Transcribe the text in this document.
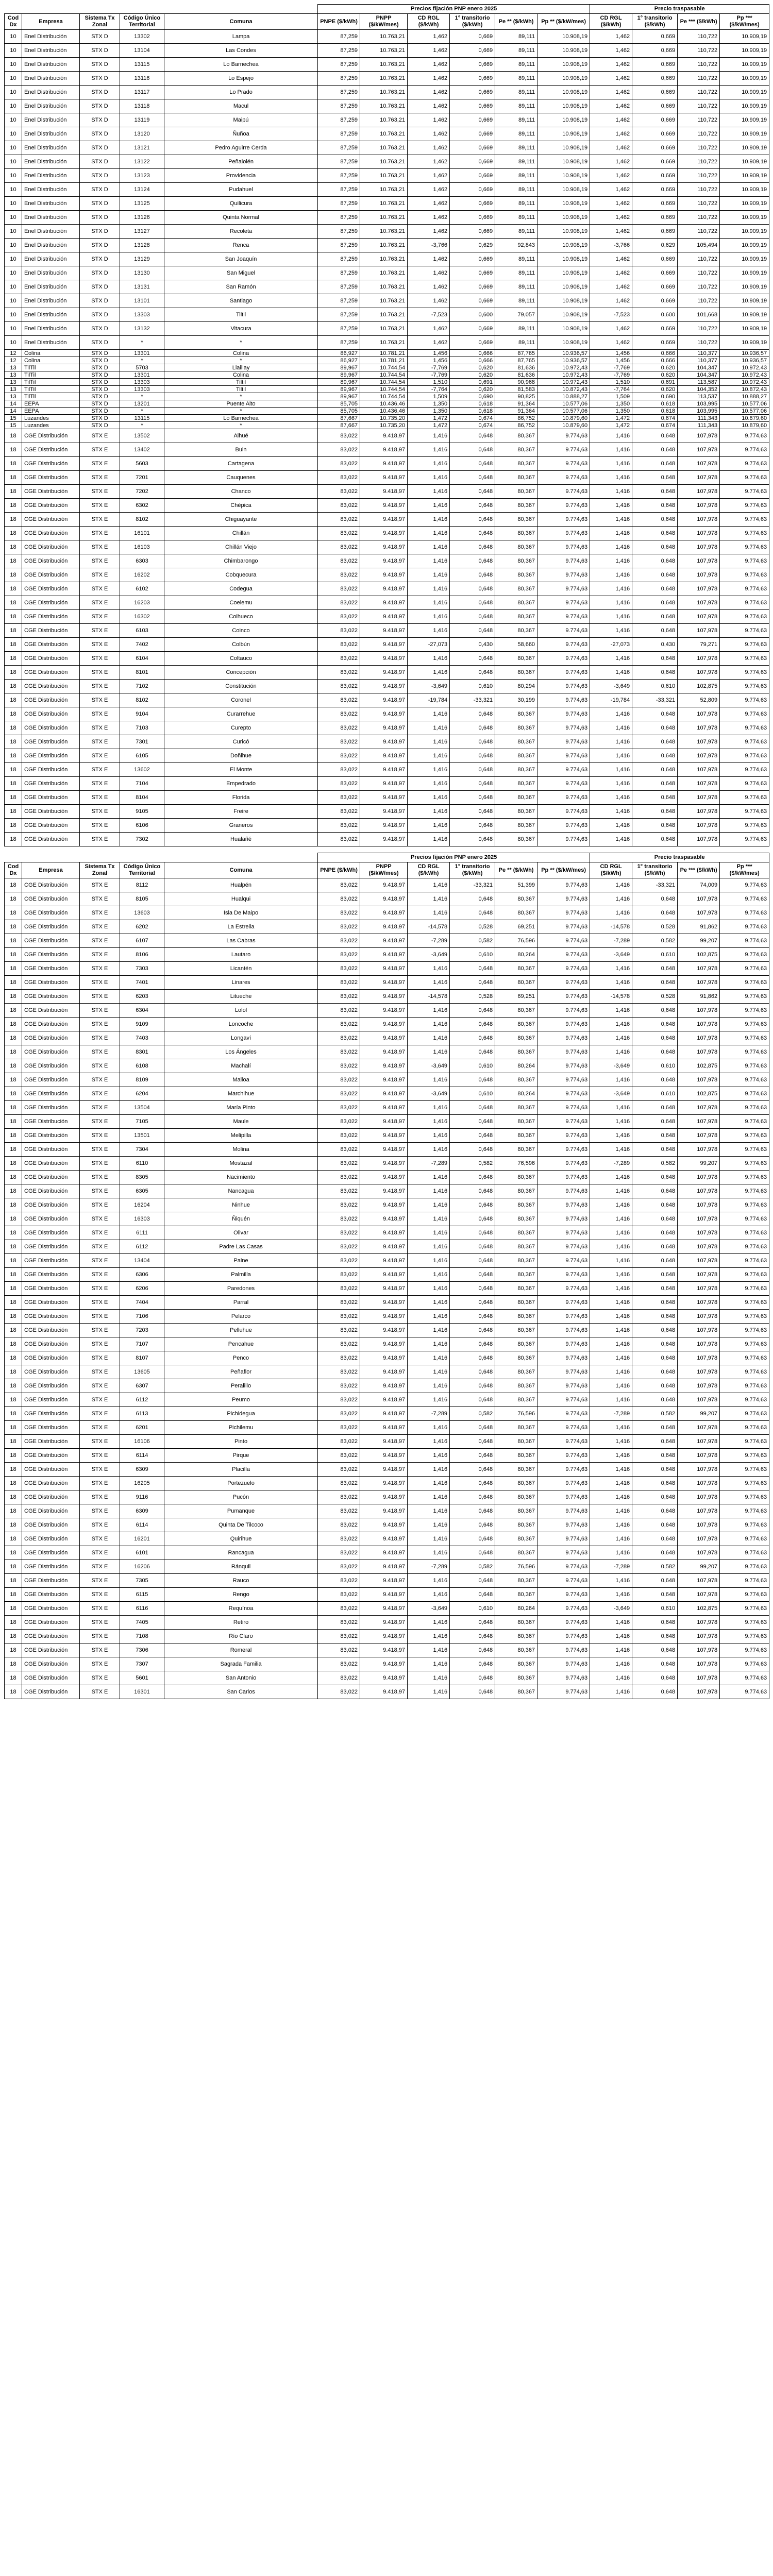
					Precios fijación PNP enero 2025						Precio traspasable			
Cod Dx	Empresa	Sistema Tx Zonal	Código Único Territorial	Comuna	PNPE ($/kWh)	PNPP ($/kW/mes)	CD RGL ($/kWh)	1° transitorio ($/kWh)	Pe ** ($/kWh)	Pp ** ($/kW/mes)	CD RGL ($/kWh)	1° transitorio ($/kWh)	Pe *** ($/kWh)	Pp *** ($/kW/mes)
10	Enel Distribución	STX D	13302	Lampa	87,259	10.763,21	1,462	0,669	89,111	10.908,19	1,462	0,669	110,722	10.909,19
10	Enel Distribución	STX D	13104	Las Condes	87,259	10.763,21	1,462	0,669	89,111	10.908,19	1,462	0,669	110,722	10.909,19
10	Enel Distribución	STX D	13115	Lo Barnechea	87,259	10.763,21	1,462	0,669	89,111	10.908,19	1,462	0,669	110,722	10.909,19
10	Enel Distribución	STX D	13116	Lo Espejo	87,259	10.763,21	1,462	0,669	89,111	10.908,19	1,462	0,669	110,722	10.909,19
10	Enel Distribución	STX D	13117	Lo Prado	87,259	10.763,21	1,462	0,669	89,111	10.908,19	1,462	0,669	110,722	10.909,19
10	Enel Distribución	STX D	13118	Macul	87,259	10.763,21	1,462	0,669	89,111	10.908,19	1,462	0,669	110,722	10.909,19
10	Enel Distribución	STX D	13119	Maipú	87,259	10.763,21	1,462	0,669	89,111	10.908,19	1,462	0,669	110,722	10.909,19
10	Enel Distribución	STX D	13120	Ñuñoa	87,259	10.763,21	1,462	0,669	89,111	10.908,19	1,462	0,669	110,722	10.909,19
10	Enel Distribución	STX D	13121	Pedro Aguirre Cerda	87,259	10.763,21	1,462	0,669	89,111	10.908,19	1,462	0,669	110,722	10.909,19
10	Enel Distribución	STX D	13122	Peñalolén	87,259	10.763,21	1,462	0,669	89,111	10.908,19	1,462	0,669	110,722	10.909,19
10	Enel Distribución	STX D	13123	Providencia	87,259	10.763,21	1,462	0,669	89,111	10.908,19	1,462	0,669	110,722	10.909,19
10	Enel Distribución	STX D	13124	Pudahuel	87,259	10.763,21	1,462	0,669	89,111	10.908,19	1,462	0,669	110,722	10.909,19
10	Enel Distribución	STX D	13125	Quilicura	87,259	10.763,21	1,462	0,669	89,111	10.908,19	1,462	0,669	110,722	10.909,19
10	Enel Distribución	STX D	13126	Quinta Normal	87,259	10.763,21	1,462	0,669	89,111	10.908,19	1,462	0,669	110,722	10.909,19
10	Enel Distribución	STX D	13127	Recoleta	87,259	10.763,21	1,462	0,669	89,111	10.908,19	1,462	0,669	110,722	10.909,19
10	Enel Distribución	STX D	13128	Renca	87,259	10.763,21	-3,766	0,629	92,843	10.908,19	-3,766	0,629	105,494	10.909,19
10	Enel Distribución	STX D	13129	San Joaquín	87,259	10.763,21	1,462	0,669	89,111	10.908,19	1,462	0,669	110,722	10.909,19
10	Enel Distribución	STX D	13130	San Miguel	87,259	10.763,21	1,462	0,669	89,111	10.908,19	1,462	0,669	110,722	10.909,19
10	Enel Distribución	STX D	13131	San Ramón	87,259	10.763,21	1,462	0,669	89,111	10.908,19	1,462	0,669	110,722	10.909,19
10	Enel Distribución	STX D	13101	Santiago	87,259	10.763,21	1,462	0,669	89,111	10.908,19	1,462	0,669	110,722	10.909,19
10	Enel Distribución	STX D	13303	Tiltil	87,259	10.763,21	-7,523	0,600	79,057	10.908,19	-7,523	0,600	101,668	10.909,19
10	Enel Distribución	STX D	13132	Vitacura	87,259	10.763,21	1,462	0,669	89,111	10.908,19	1,462	0,669	110,722	10.909,19
10	Enel Distribución	STX D	*	*	87,259	10.763,21	1,462	0,669	89,111	10.908,19	1,462	0,669	110,722	10.909,19
12	Colina	STX D	13301	Colina	86,927	10.781,21	1,456	0,666	87,765	10.936,57	1,456	0,666	110,377	10.936,57
12	Colina	STX D	*	*	86,927	10.781,21	1,456	0,666	87,765	10.936,57	1,456	0,666	110,377	10.936,57
13	TilTil	STX D	5703	Llaillay	89,967	10.744,54	-7,769	0,620	81,636	10.972,43	-7,769	0,620	104,347	10.972,43
13	TilTil	STX D	13301	Colina	89,967	10.744,54	-7,769	0,620	81,636	10.972,43	-7,769	0,620	104,347	10.972,43
13	TilTil	STX D	13303	Tiltil	89,967	10.744,54	1,510	0,691	90,968	10.972,43	1,510	0,691	113,587	10.972,43
13	TilTil	STX D	13303	Tiltil	89,967	10.744,54	-7,764	0,620	81,583	10.872,43	-7,764	0,620	104,352	10.872,43
13	TilTil	STX D	*	*	89,967	10.744,54	1,509	0,690	90,825	10.888,27	1,509	0,690	113,537	10.888,27
14	EEPA	STX D	13201	Puente Alto	85,705	10.436,46	1,350	0,618	91,364	10.577,06	1,350	0,618	103,995	10.577,06
14	EEPA	STX D	*	*	85,705	10.436,46	1,350	0,618	91,364	10.577,06	1,350	0,618	103,995	10.577,06
15	Luzandes	STX D	13115	Lo Barnechea	87,667	10.735,20	1,472	0,674	86,752	10.879,60	1,472	0,674	111,343	10.879,60
15	Luzandes	STX D	*	*	87,667	10.735,20	1,472	0,674	86,752	10.879,60	1,472	0,674	111,343	10.879,60
18	CGE Distribución	STX E	13502	Alhué	83,022	9.418,97	1,416	0,648	80,367	9.774,63	1,416	0,648	107,978	9.774,63
18	CGE Distribución	STX E	13402	Buin	83,022	9.418,97	1,416	0,648	80,367	9.774,63	1,416	0,648	107,978	9.774,63
18	CGE Distribución	STX E	5603	Cartagena	83,022	9.418,97	1,416	0,648	80,367	9.774,63	1,416	0,648	107,978	9.774,63
18	CGE Distribución	STX E	7201	Cauquenes	83,022	9.418,97	1,416	0,648	80,367	9.774,63	1,416	0,648	107,978	9.774,63
18	CGE Distribución	STX E	7202	Chanco	83,022	9.418,97	1,416	0,648	80,367	9.774,63	1,416	0,648	107,978	9.774,63
18	CGE Distribución	STX E	6302	Chépica	83,022	9.418,97	1,416	0,648	80,367	9.774,63	1,416	0,648	107,978	9.774,63
18	CGE Distribución	STX E	8102	Chiguayante	83,022	9.418,97	1,416	0,648	80,367	9.774,63	1,416	0,648	107,978	9.774,63
18	CGE Distribución	STX E	16101	Chillán	83,022	9.418,97	1,416	0,648	80,367	9.774,63	1,416	0,648	107,978	9.774,63
18	CGE Distribución	STX E	16103	Chillán Viejo	83,022	9.418,97	1,416	0,648	80,367	9.774,63	1,416	0,648	107,978	9.774,63
18	CGE Distribución	STX E	6303	Chimbarongo	83,022	9.418,97	1,416	0,648	80,367	9.774,63	1,416	0,648	107,978	9.774,63
18	CGE Distribución	STX E	16202	Cobquecura	83,022	9.418,97	1,416	0,648	80,367	9.774,63	1,416	0,648	107,978	9.774,63
18	CGE Distribución	STX E	6102	Codegua	83,022	9.418,97	1,416	0,648	80,367	9.774,63	1,416	0,648	107,978	9.774,63
18	CGE Distribución	STX E	16203	Coelemu	83,022	9.418,97	1,416	0,648	80,367	9.774,63	1,416	0,648	107,978	9.774,63
18	CGE Distribución	STX E	16302	Coihueco	83,022	9.418,97	1,416	0,648	80,367	9.774,63	1,416	0,648	107,978	9.774,63
18	CGE Distribución	STX E	6103	Coinco	83,022	9.418,97	1,416	0,648	80,367	9.774,63	1,416	0,648	107,978	9.774,63
18	CGE Distribución	STX E	7402	Colbún	83,022	9.418,97	-27,073	0,430	58,660	9.774,63	-27,073	0,430	79,271	9.774,63
18	CGE Distribución	STX E	6104	Coltauco	83,022	9.418,97	1,416	0,648	80,367	9.774,63	1,416	0,648	107,978	9.774,63
18	CGE Distribución	STX E	8101	Concepción	83,022	9.418,97	1,416	0,648	80,367	9.774,63	1,416	0,648	107,978	9.774,63
18	CGE Distribución	STX E	7102	Constitución	83,022	9.418,97	-3,649	0,610	80,294	9.774,63	-3,649	0,610	102,875	9.774,63
18	CGE Distribución	STX E	8102	Coronel	83,022	9.418,97	-19,784	-33,321	30,199	9.774,63	-19,784	-33,321	52,809	9.774,63
18	CGE Distribución	STX E	9104	Curarrehue	83,022	9.418,97	1,416	0,648	80,367	9.774,63	1,416	0,648	107,978	9.774,63
18	CGE Distribución	STX E	7103	Curepto	83,022	9.418,97	1,416	0,648	80,367	9.774,63	1,416	0,648	107,978	9.774,63
18	CGE Distribución	STX E	7301	Curicó	83,022	9.418,97	1,416	0,648	80,367	9.774,63	1,416	0,648	107,978	9.774,63
18	CGE Distribución	STX E	6105	Doñihue	83,022	9.418,97	1,416	0,648	80,367	9.774,63	1,416	0,648	107,978	9.774,63
18	CGE Distribución	STX E	13602	El Monte	83,022	9.418,97	1,416	0,648	80,367	9.774,63	1,416	0,648	107,978	9.774,63
18	CGE Distribución	STX E	7104	Empedrado	83,022	9.418,97	1,416	0,648	80,367	9.774,63	1,416	0,648	107,978	9.774,63
18	CGE Distribución	STX E	8104	Florida	83,022	9.418,97	1,416	0,648	80,367	9.774,63	1,416	0,648	107,978	9.774,63
18	CGE Distribución	STX E	9105	Freire	83,022	9.418,97	1,416	0,648	80,367	9.774,63	1,416	0,648	107,978	9.774,63
18	CGE Distribución	STX E	6106	Graneros	83,022	9.418,97	1,416	0,648	80,367	9.774,63	1,416	0,648	107,978	9.774,63
18	CGE Distribución	STX E	7302	Hualañé	83,022	9.418,97	1,416	0,648	80,367	9.774,63	1,416	0,648	107,978	9.774,63
					Precios fijación PNP enero 2025						Precio traspasable			
Cod Dx	Empresa	Sistema Tx Zonal	Código Único Territorial	Comuna	PNPE ($/kWh)	PNPP ($/kW/mes)	CD RGL ($/kWh)	1° transitorio ($/kWh)	Pe ** ($/kWh)	Pp ** ($/kW/mes)	CD RGL ($/kWh)	1° transitorio ($/kWh)	Pe *** ($/kWh)	Pp *** ($/kW/mes)
18	CGE Distribución	STX E	8112	Hualpén	83,022	9.418,97	1,416	-33,321	51,399	9.774,63	1,416	-33,321	74,009	9.774,63
18	CGE Distribución	STX E	8105	Hualqui	83,022	9.418,97	1,416	0,648	80,367	9.774,63	1,416	0,648	107,978	9.774,63
18	CGE Distribución	STX E	13603	Isla De Maipo	83,022	9.418,97	1,416	0,648	80,367	9.774,63	1,416	0,648	107,978	9.774,63
18	CGE Distribución	STX E	6202	La Estrella	83,022	9.418,97	-14,578	0,528	69,251	9.774,63	-14,578	0,528	91,862	9.774,63
18	CGE Distribución	STX E	6107	Las Cabras	83,022	9.418,97	-7,289	0,582	76,596	9.774,63	-7,289	0,582	99,207	9.774,63
18	CGE Distribución	STX E	8106	Lautaro	83,022	9.418,97	-3,649	0,610	80,264	9.774,63	-3,649	0,610	102,875	9.774,63
18	CGE Distribución	STX E	7303	Licantén	83,022	9.418,97	1,416	0,648	80,367	9.774,63	1,416	0,648	107,978	9.774,63
18	CGE Distribución	STX E	7401	Linares	83,022	9.418,97	1,416	0,648	80,367	9.774,63	1,416	0,648	107,978	9.774,63
18	CGE Distribución	STX E	6203	Litueche	83,022	9.418,97	-14,578	0,528	69,251	9.774,63	-14,578	0,528	91,862	9.774,63
18	CGE Distribución	STX E	6304	Lolol	83,022	9.418,97	1,416	0,648	80,367	9.774,63	1,416	0,648	107,978	9.774,63
18	CGE Distribución	STX E	9109	Loncoche	83,022	9.418,97	1,416	0,648	80,367	9.774,63	1,416	0,648	107,978	9.774,63
18	CGE Distribución	STX E	7403	Longaví	83,022	9.418,97	1,416	0,648	80,367	9.774,63	1,416	0,648	107,978	9.774,63
18	CGE Distribución	STX E	8301	Los Ángeles	83,022	9.418,97	1,416	0,648	80,367	9.774,63	1,416	0,648	107,978	9.774,63
18	CGE Distribución	STX E	6108	Machalí	83,022	9.418,97	-3,649	0,610	80,264	9.774,63	-3,649	0,610	102,875	9.774,63
18	CGE Distribución	STX E	8109	Malloa	83,022	9.418,97	1,416	0,648	80,367	9.774,63	1,416	0,648	107,978	9.774,63
18	CGE Distribución	STX E	6204	Marchihue	83,022	9.418,97	-3,649	0,610	80,264	9.774,63	-3,649	0,610	102,875	9.774,63
18	CGE Distribución	STX E	13504	María Pinto	83,022	9.418,97	1,416	0,648	80,367	9.774,63	1,416	0,648	107,978	9.774,63
18	CGE Distribución	STX E	7105	Maule	83,022	9.418,97	1,416	0,648	80,367	9.774,63	1,416	0,648	107,978	9.774,63
18	CGE Distribución	STX E	13501	Melipilla	83,022	9.418,97	1,416	0,648	80,367	9.774,63	1,416	0,648	107,978	9.774,63
18	CGE Distribución	STX E	7304	Molina	83,022	9.418,97	1,416	0,648	80,367	9.774,63	1,416	0,648	107,978	9.774,63
18	CGE Distribución	STX E	6110	Mostazal	83,022	9.418,97	-7,289	0,582	76,596	9.774,63	-7,289	0,582	99,207	9.774,63
18	CGE Distribución	STX E	8305	Nacimiento	83,022	9.418,97	1,416	0,648	80,367	9.774,63	1,416	0,648	107,978	9.774,63
18	CGE Distribución	STX E	6305	Nancagua	83,022	9.418,97	1,416	0,648	80,367	9.774,63	1,416	0,648	107,978	9.774,63
18	CGE Distribución	STX E	16204	Ninhue	83,022	9.418,97	1,416	0,648	80,367	9.774,63	1,416	0,648	107,978	9.774,63
18	CGE Distribución	STX E	16303	Ñiquén	83,022	9.418,97	1,416	0,648	80,367	9.774,63	1,416	0,648	107,978	9.774,63
18	CGE Distribución	STX E	6111	Olivar	83,022	9.418,97	1,416	0,648	80,367	9.774,63	1,416	0,648	107,978	9.774,63
18	CGE Distribución	STX E	6112	Padre Las Casas	83,022	9.418,97	1,416	0,648	80,367	9.774,63	1,416	0,648	107,978	9.774,63
18	CGE Distribución	STX E	13404	Paine	83,022	9.418,97	1,416	0,648	80,367	9.774,63	1,416	0,648	107,978	9.774,63
18	CGE Distribución	STX E	6306	Palmilla	83,022	9.418,97	1,416	0,648	80,367	9.774,63	1,416	0,648	107,978	9.774,63
18	CGE Distribución	STX E	6206	Paredones	83,022	9.418,97	1,416	0,648	80,367	9.774,63	1,416	0,648	107,978	9.774,63
18	CGE Distribución	STX E	7404	Parral	83,022	9.418,97	1,416	0,648	80,367	9.774,63	1,416	0,648	107,978	9.774,63
18	CGE Distribución	STX E	7106	Pelarco	83,022	9.418,97	1,416	0,648	80,367	9.774,63	1,416	0,648	107,978	9.774,63
18	CGE Distribución	STX E	7203	Pelluhue	83,022	9.418,97	1,416	0,648	80,367	9.774,63	1,416	0,648	107,978	9.774,63
18	CGE Distribución	STX E	7107	Pencahue	83,022	9.418,97	1,416	0,648	80,367	9.774,63	1,416	0,648	107,978	9.774,63
18	CGE Distribución	STX E	8107	Penco	83,022	9.418,97	1,416	0,648	80,367	9.774,63	1,416	0,648	107,978	9.774,63
18	CGE Distribución	STX E	13605	Peñaflor	83,022	9.418,97	1,416	0,648	80,367	9.774,63	1,416	0,648	107,978	9.774,63
18	CGE Distribución	STX E	6307	Peralillo	83,022	9.418,97	1,416	0,648	80,367	9.774,63	1,416	0,648	107,978	9.774,63
18	CGE Distribución	STX E	6112	Peumo	83,022	9.418,97	1,416	0,648	80,367	9.774,63	1,416	0,648	107,978	9.774,63
18	CGE Distribución	STX E	6113	Pichidegua	83,022	9.418,97	-7,289	0,582	76,596	9.774,63	-7,289	0,582	99,207	9.774,63
18	CGE Distribución	STX E	6201	Pichilemu	83,022	9.418,97	1,416	0,648	80,367	9.774,63	1,416	0,648	107,978	9.774,63
18	CGE Distribución	STX E	16106	Pinto	83,022	9.418,97	1,416	0,648	80,367	9.774,63	1,416	0,648	107,978	9.774,63
18	CGE Distribución	STX E	6114	Pirque	83,022	9.418,97	1,416	0,648	80,367	9.774,63	1,416	0,648	107,978	9.774,63
18	CGE Distribución	STX E	6309	Placilla	83,022	9.418,97	1,416	0,648	80,367	9.774,63	1,416	0,648	107,978	9.774,63
18	CGE Distribución	STX E	16205	Portezuelo	83,022	9.418,97	1,416	0,648	80,367	9.774,63	1,416	0,648	107,978	9.774,63
18	CGE Distribución	STX E	9116	Pucón	83,022	9.418,97	1,416	0,648	80,367	9.774,63	1,416	0,648	107,978	9.774,63
18	CGE Distribución	STX E	6309	Pumanque	83,022	9.418,97	1,416	0,648	80,367	9.774,63	1,416	0,648	107,978	9.774,63
18	CGE Distribución	STX E	6114	Quinta De Tilcoco	83,022	9.418,97	1,416	0,648	80,367	9.774,63	1,416	0,648	107,978	9.774,63
18	CGE Distribución	STX E	16201	Quirihue	83,022	9.418,97	1,416	0,648	80,367	9.774,63	1,416	0,648	107,978	9.774,63
18	CGE Distribución	STX E	6101	Rancagua	83,022	9.418,97	1,416	0,648	80,367	9.774,63	1,416	0,648	107,978	9.774,63
18	CGE Distribución	STX E	16206	Ránquil	83,022	9.418,97	-7,289	0,582	76,596	9.774,63	-7,289	0,582	99,207	9.774,63
18	CGE Distribución	STX E	7305	Rauco	83,022	9.418,97	1,416	0,648	80,367	9.774,63	1,416	0,648	107,978	9.774,63
18	CGE Distribución	STX E	6115	Rengo	83,022	9.418,97	1,416	0,648	80,367	9.774,63	1,416	0,648	107,978	9.774,63
18	CGE Distribución	STX E	6116	Requínoa	83,022	9.418,97	-3,649	0,610	80,264	9.774,63	-3,649	0,610	102,875	9.774,63
18	CGE Distribución	STX E	7405	Retiro	83,022	9.418,97	1,416	0,648	80,367	9.774,63	1,416	0,648	107,978	9.774,63
18	CGE Distribución	STX E	7108	Río Claro	83,022	9.418,97	1,416	0,648	80,367	9.774,63	1,416	0,648	107,978	9.774,63
18	CGE Distribución	STX E	7306	Romeral	83,022	9.418,97	1,416	0,648	80,367	9.774,63	1,416	0,648	107,978	9.774,63
18	CGE Distribución	STX E	7307	Sagrada Familia	83,022	9.418,97	1,416	0,648	80,367	9.774,63	1,416	0,648	107,978	9.774,63
18	CGE Distribución	STX E	5601	San Antonio	83,022	9.418,97	1,416	0,648	80,367	9.774,63	1,416	0,648	107,978	9.774,63
18	CGE Distribución	STX E	16301	San Carlos	83,022	9.418,97	1,416	0,648	80,367	9.774,63	1,416	0,648	107,978	9.774,63
